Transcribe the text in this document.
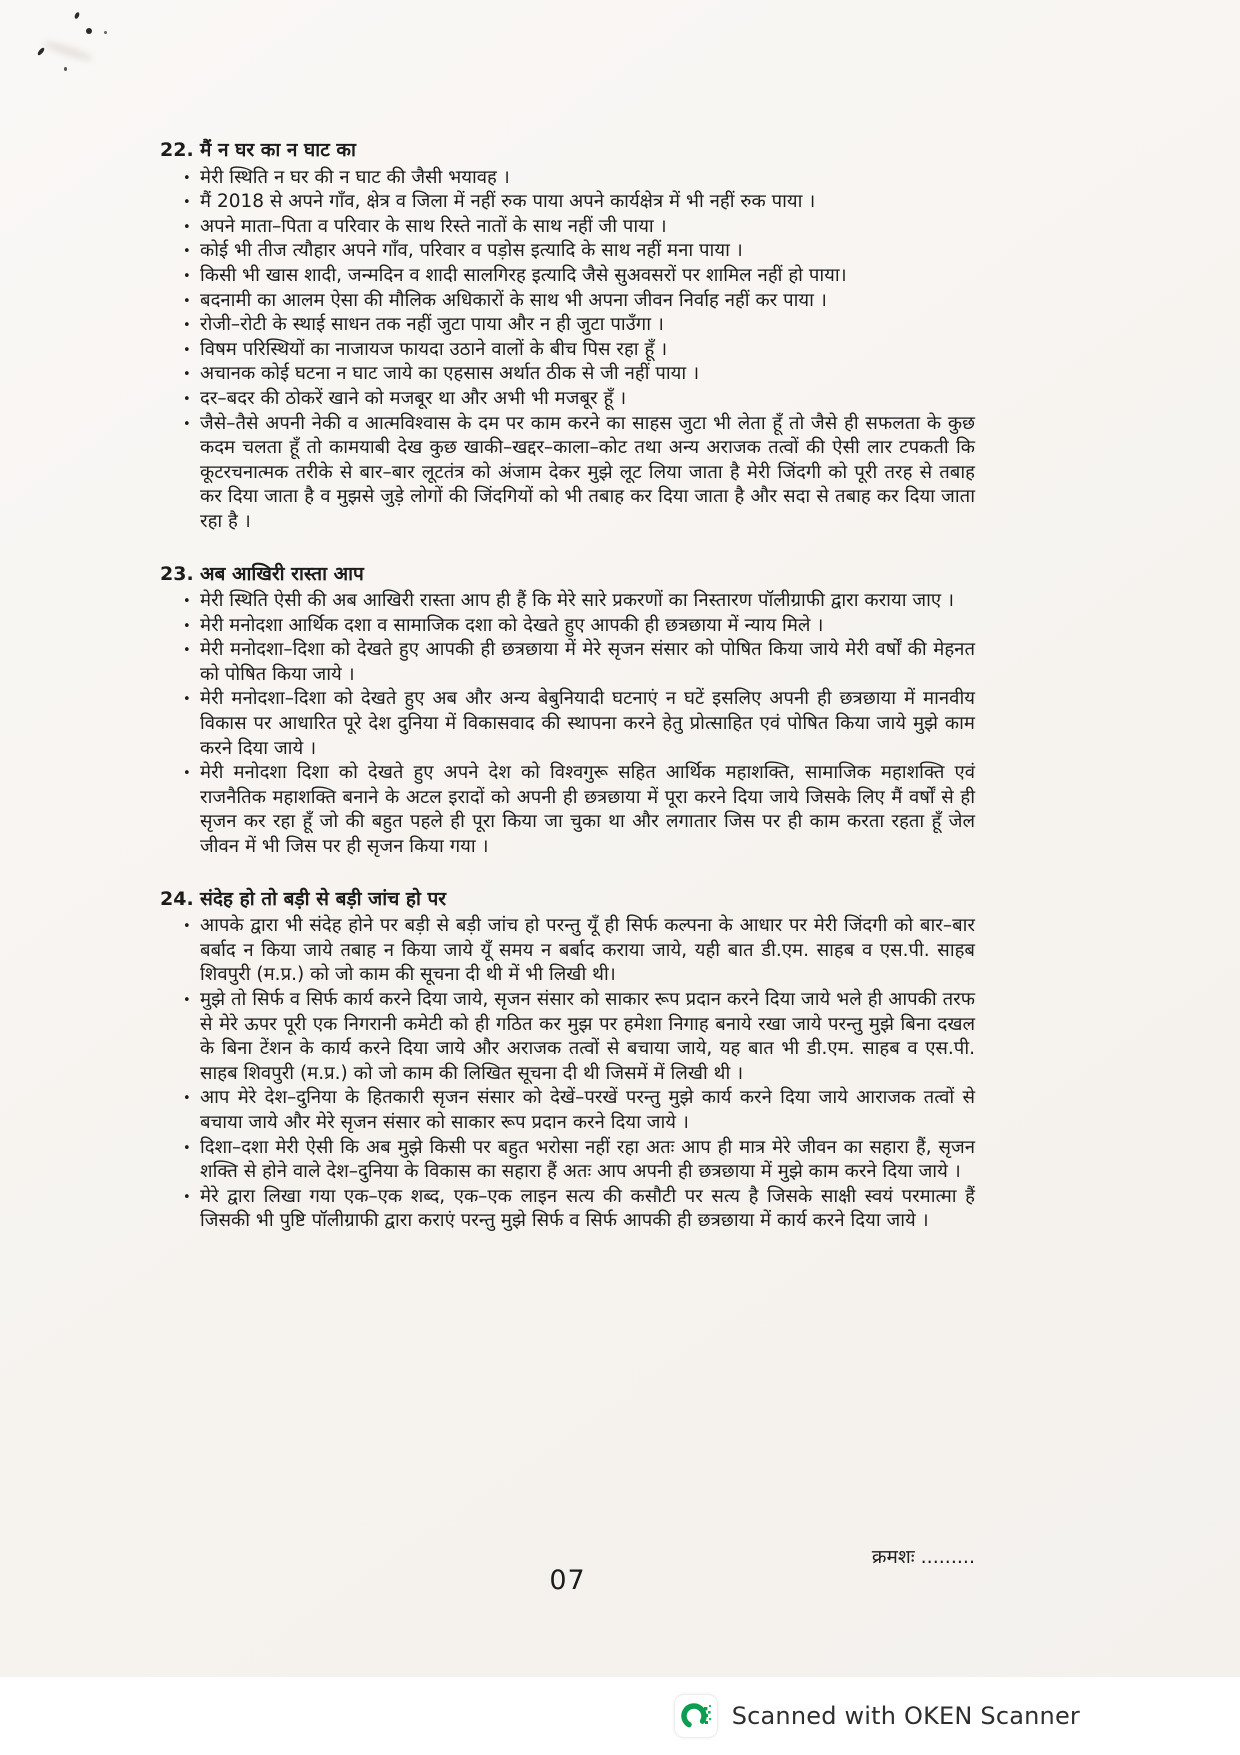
22. मैं न घर का न घाट का
• मेरी स्थिति न घर की न घाट की जैसी भयावह ।
• मैं 2018 से अपने गाँव, क्षेत्र व जिला में नहीं रुक पाया अपने कार्यक्षेत्र में भी नहीं रुक पाया ।
• अपने माता–पिता व परिवार के साथ रिस्ते नातों के साथ नहीं जी पाया ।
• कोई भी तीज त्यौहार अपने गाँव, परिवार व पड़ोस इत्यादि के साथ नहीं मना पाया ।
• किसी भी खास शादी, जन्मदिन व शादी सालगिरह इत्यादि जैसे सुअवसरों पर शामिल नहीं हो पाया।
• बदनामी का आलम ऐसा की मौलिक अधिकारों के साथ भी अपना जीवन निर्वाह नहीं कर पाया ।
• रोजी–रोटी के स्थाई साधन तक नहीं जुटा पाया और न ही जुटा पाउँगा ।
• विषम परिस्थियों का नाजायज फायदा उठाने वालों के बीच पिस रहा हूँ ।
• अचानक कोई घटना न घाट जाये का एहसास अर्थात ठीक से जी नहीं पाया ।
• दर–बदर की ठोकरें खाने को मजबूर था और अभी भी मजबूर हूँ ।
• जैसे–तैसे अपनी नेकी व आत्मविश्वास के दम पर काम करने का साहस जुटा भी लेता हूँ तो जैसे ही सफलता के कुछ कदम चलता हूँ तो कामयाबी देख कुछ खाकी–खद्दर–काला–कोट तथा अन्य अराजक तत्वों की ऐसी लार टपकती कि कूटरचनात्मक तरीके से बार–बार लूटतंत्र को अंजाम देकर मुझे लूट लिया जाता है मेरी जिंदगी को पूरी तरह से तबाह कर दिया जाता है व मुझसे जुड़े लोगों की जिंदगियों को भी तबाह कर दिया जाता है और सदा से तबाह कर दिया जाता रहा है ।
23. अब आखिरी रास्ता आप
• मेरी स्थिति ऐसी की अब आखिरी रास्ता आप ही हैं कि मेरे सारे प्रकरणों का निस्तारण पॉलीग्राफी द्वारा कराया जाए ।
• मेरी मनोदशा आर्थिक दशा व सामाजिक दशा को देखते हुए आपकी ही छत्रछाया में न्याय मिले ।
• मेरी मनोदशा–दिशा को देखते हुए आपकी ही छत्रछाया में मेरे सृजन संसार को पोषित किया जाये मेरी वर्षों की मेहनत को पोषित किया जाये ।
• मेरी मनोदशा–दिशा को देखते हुए अब और अन्य बेबुनियादी घटनाएं न घटें इसलिए अपनी ही छत्रछाया में मानवीय विकास पर आधारित पूरे देश दुनिया में विकासवाद की स्थापना करने हेतु प्रोत्साहित एवं पोषित किया जाये मुझे काम करने दिया जाये ।
• मेरी मनोदशा दिशा को देखते हुए अपने देश को विश्वगुरू सहित आर्थिक महाशक्ति, सामाजिक महाशक्ति एवं राजनैतिक महाशक्ति बनाने के अटल इरादों को अपनी ही छत्रछाया में पूरा करने दिया जाये जिसके लिए मैं वर्षों से ही सृजन कर रहा हूँ जो की बहुत पहले ही पूरा किया जा चुका था और लगातार जिस पर ही काम करता रहता हूँ जेल जीवन में भी जिस पर ही सृजन किया गया ।
24. संदेह हो तो बड़ी से बड़ी जांच हो पर
• आपके द्वारा भी संदेह होने पर बड़ी से बड़ी जांच हो परन्तु यूँ ही सिर्फ कल्पना के आधार पर मेरी जिंदगी को बार–बार बर्बाद न किया जाये तबाह न किया जाये यूँ समय न बर्बाद कराया जाये, यही बात डी.एम. साहब व एस.पी. साहब शिवपुरी (म.प्र.) को जो काम की सूचना दी थी में भी लिखी थी।
• मुझे तो सिर्फ व सिर्फ कार्य करने दिया जाये, सृजन संसार को साकार रूप प्रदान करने दिया जाये भले ही आपकी तरफ से मेरे ऊपर पूरी एक निगरानी कमेटी को ही गठित कर मुझ पर हमेशा निगाह बनाये रखा जाये परन्तु मुझे बिना दखल के बिना टेंशन के कार्य करने दिया जाये और अराजक तत्वों से बचाया जाये, यह बात भी डी.एम. साहब व एस.पी. साहब शिवपुरी (म.प्र.) को जो काम की लिखित सूचना दी थी जिसमें में लिखी थी ।
• आप मेरे देश–दुनिया के हितकारी सृजन संसार को देखें–परखें परन्तु मुझे कार्य करने दिया जाये आराजक तत्वों से बचाया जाये और मेरे सृजन संसार को साकार रूप प्रदान करने दिया जाये ।
• दिशा–दशा मेरी ऐसी कि अब मुझे किसी पर बहुत भरोसा नहीं रहा अतः आप ही मात्र मेरे जीवन का सहारा हैं, सृजन शक्ति से होने वाले देश–दुनिया के विकास का सहारा हैं अतः आप अपनी ही छत्रछाया में मुझे काम करने दिया जाये ।
• मेरे द्वारा लिखा गया एक–एक शब्द, एक–एक लाइन सत्य की कसौटी पर सत्य है जिसके साक्षी स्वयं परमात्मा हैं जिसकी भी पुष्टि पॉलीग्राफी द्वारा कराएं परन्तु मुझे सिर्फ व सिर्फ आपकी ही छत्रछाया में कार्य करने दिया जाये ।
क्रमशः .........
07
Scanned with OKEN Scanner
